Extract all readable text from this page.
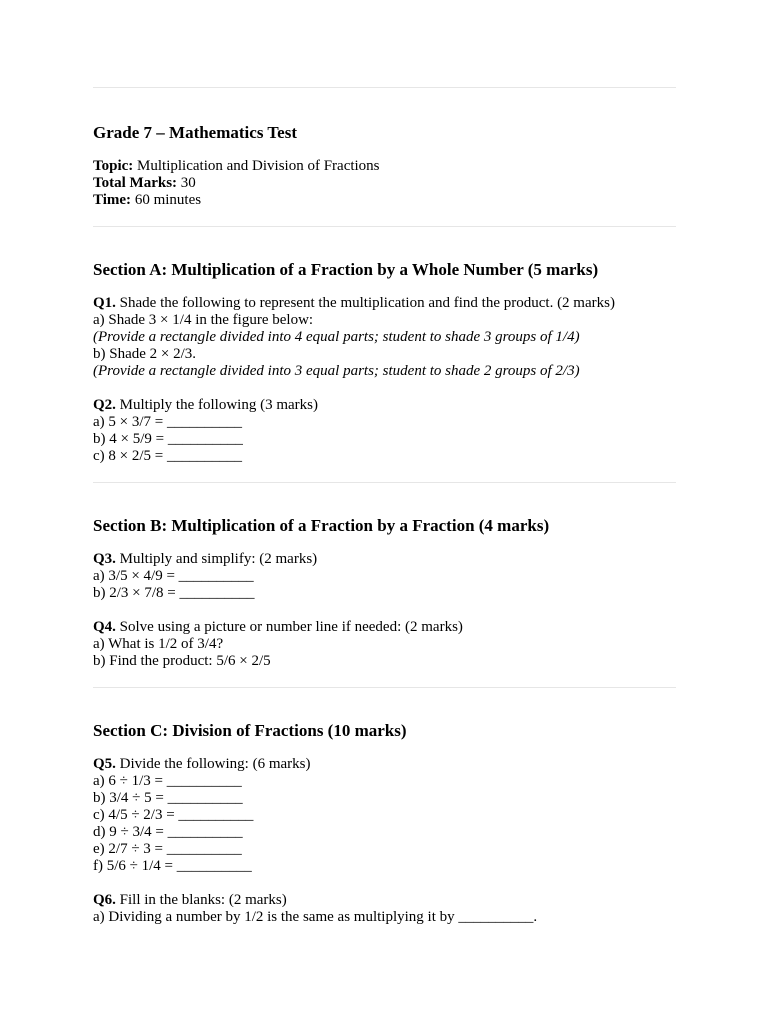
Grade 7 – Mathematics Test
Topic: Multiplication and Division of Fractions
Total Marks: 30
Time: 60 minutes
Section A: Multiplication of a Fraction by a Whole Number (5 marks)
Q1. Shade the following to represent the multiplication and find the product. (2 marks)
a) Shade 3 × 1/4 in the figure below:
(Provide a rectangle divided into 4 equal parts; student to shade 3 groups of 1/4)
b) Shade 2 × 2/3.
(Provide a rectangle divided into 3 equal parts; student to shade 2 groups of 2/3)
Q2. Multiply the following (3 marks)
a) 5 × 3/7 = __________
b) 4 × 5/9 = __________
c) 8 × 2/5 = __________
Section B: Multiplication of a Fraction by a Fraction (4 marks)
Q3. Multiply and simplify: (2 marks)
a) 3/5 × 4/9 = __________
b) 2/3 × 7/8 = __________
Q4. Solve using a picture or number line if needed: (2 marks)
a) What is 1/2 of 3/4?
b) Find the product: 5/6 × 2/5
Section C: Division of Fractions (10 marks)
Q5. Divide the following: (6 marks)
a) 6 ÷ 1/3 = __________
b) 3/4 ÷ 5 = __________
c) 4/5 ÷ 2/3 = __________
d) 9 ÷ 3/4 = __________
e) 2/7 ÷ 3 = __________
f) 5/6 ÷ 1/4 = __________
Q6. Fill in the blanks: (2 marks)
a) Dividing a number by 1/2 is the same as multiplying it by __________.
